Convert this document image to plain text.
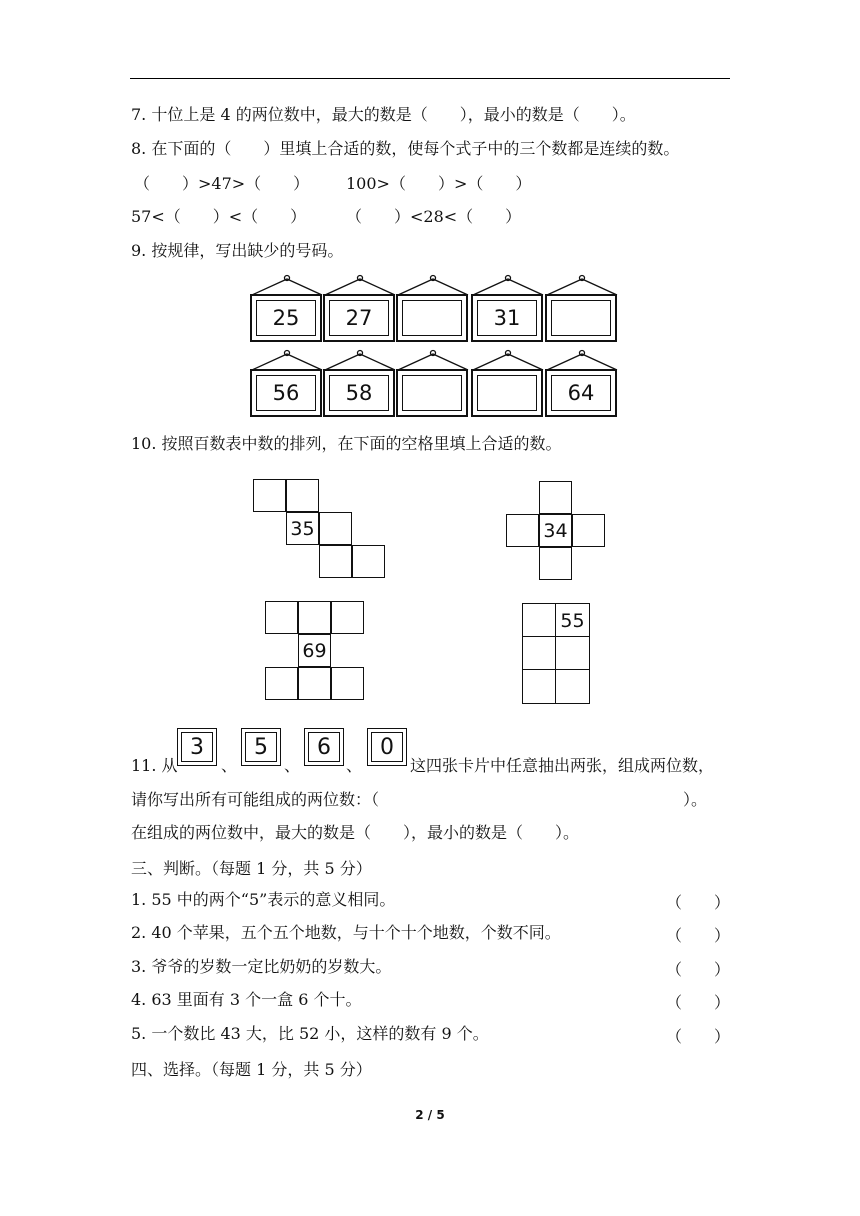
7. 十位上是 4 的两位数中，最大的数是（　　），最小的数是（　　）。
8. 在下面的（　　）里填上合适的数，使每个式子中的三个数都是连续的数。
（　　）>47>（　　） 100>（　　）>（　　）
57<（　　）<（　　） （　　）<28<（　　）
9. 按规律，写出缺少的号码。
25	27	31
56	58	64
10. 按照百数表中数的排列，在下面的空格里填上合适的数。
35	34
69
55
11. 从
3
、
5
、
6
、
0
这四张卡片中任意抽出两张，组成两位数，
请你写出所有可能组成的两位数：（　　　　　　　　　　　　　　　　　　　）。
在组成的两位数中，最大的数是（　　），最小的数是（　　）。
三、判断。（每题 1 分，共 5 分）
1. 55 中的两个“5”表示的意义相同。	（　　）
2. 40 个苹果，五个五个地数，与十个十个地数，个数不同。	（　　）
3. 爷爷的岁数一定比奶奶的岁数大。	（　　）
4. 63 里面有 3 个一盒 6 个十。	（　　）
5. 一个数比 43 大，比 52 小，这样的数有 9 个。	（　　）
四、选择。（每题 1 分，共 5 分）
2 / 5
